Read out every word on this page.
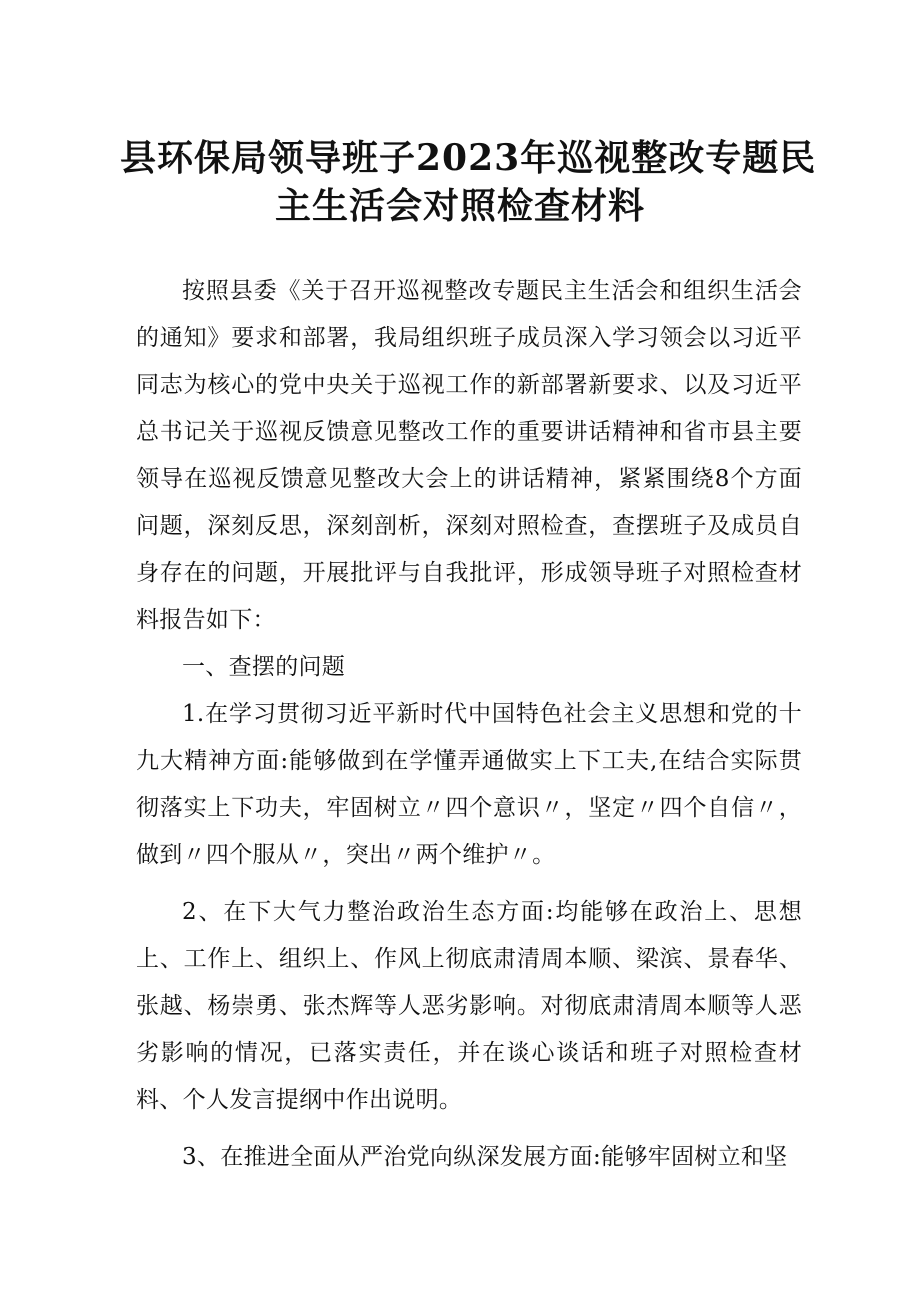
县环保局领导班子2023年巡视整改专题民
主生活会对照检查材料

按照县委《关于召开巡视整改专题民主生活会和组织生活会的通知》要求和部署，我局组织班子成员深入学习领会以习近平同志为核心的党中央关于巡视工作的新部署新要求、以及习近平总书记关于巡视反馈意见整改工作的重要讲话精神和省市县主要领导在巡视反馈意见整改大会上的讲话精神，紧紧围绕8个方面问题，深刻反思，深刻剖析，深刻对照检查，查摆班子及成员自身存在的问题，开展批评与自我批评，形成领导班子对照检查材料报告如下：

一、查摆的问题

1.在学习贯彻习近平新时代中国特色社会主义思想和党的十九大精神方面:能够做到在学懂弄通做实上下工夫,在结合实际贯彻落实上下功夫，牢固树立〃四个意识〃，坚定〃四个自信〃，做到〃四个服从〃，突出〃两个维护〃。

2、在下大气力整治政治生态方面:均能够在政治上、思想上、工作上、组织上、作风上彻底肃清周本顺、梁滨、景春华、张越、杨崇勇、张杰辉等人恶劣影响。对彻底肃清周本顺等人恶劣影响的情况，已落实责任，并在谈心谈话和班子对照检查材料、个人发言提纲中作出说明。

3、在推进全面从严治党向纵深发展方面:能够牢固树立和坚
